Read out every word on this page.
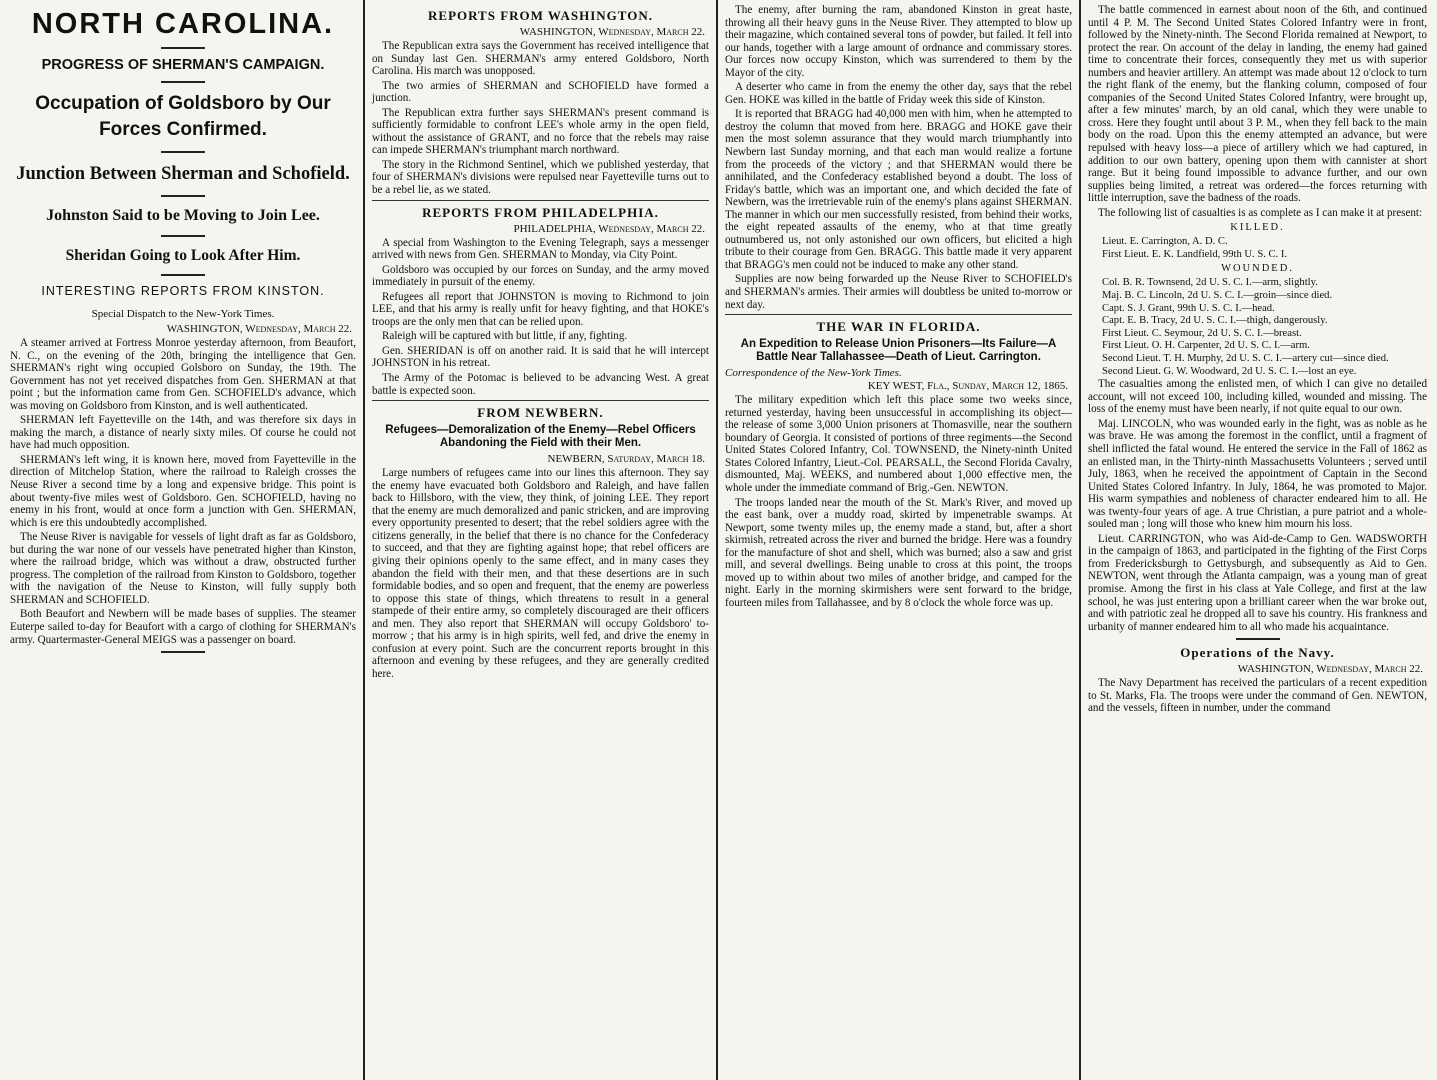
NORTH CAROLINA.
PROGRESS OF SHERMAN'S CAMPAIGN.
Occupation of Goldsboro by Our Forces Confirmed.
Junction Between Sherman and Schofield.
Johnston Said to be Moving to Join Lee.
Sheridan Going to Look After Him.
INTERESTING REPORTS FROM KINSTON.
Special Dispatch to the New-York Times.
WASHINGTON, Wednesday, March 22.

A steamer arrived at Fortress Monroe yesterday afternoon, from Beaufort, N. C., on the evening of the 20th, bringing the intelligence that Gen. SHERMAN's right wing occupied Golsboro on Sunday, the 19th. The Government has not yet received dispatches from Gen. SHERMAN at that point ; but the information came from Gen. SCHOFIELD's advance, which was moving on Goldsboro from Kinston, and is well authenticated.

SHERMAN left Fayetteville on the 14th, and was therefore six days in making the march, a distance of nearly sixty miles. Of course he could not have had much opposition.

SHERMAN's left wing, it is known here, moved from Fayetteville in the direction of Mitchelop Station, where the railroad to Raleigh crosses the Neuse River a second time by a long and expensive bridge. This point is about twenty-five miles west of Goldsboro. Gen. SCHOFIELD, having no enemy in his front, would at once form a junction with Gen. SHERMAN, which is ere this undoubtedly accomplished.

The Neuse River is navigable for vessels of light draft as far as Goldsboro, but during the war none of our vessels have penetrated higher than Kinston, where the railroad bridge, which was without a draw, obstructed further progress. The completion of the railroad from Kinston to Goldsboro, together with the navigation of the Neuse to Kinston, will fully supply both SHERMAN and SCHOFIELD.

Both Beaufort and Newbern will be made bases of supplies. The steamer Euterpe sailed to-day for Beaufort with a cargo of clothing for SHERMAN's army. Quartermaster-General MEIGS was a passenger on board.

REPORTS FROM WASHINGTON.
WASHINGTON, Wednesday, March 22.

The Republican extra says the Government has received intelligence that on Sunday last Gen. SHERMAN's army entered Goldsboro, North Carolina. His march was unopposed.

The two armies of SHERMAN and SCHOFIELD have formed a junction.

The Republican extra further says SHERMAN's present command is sufficiently formidable to confront LEE's whole army in the open field, without the assistance of GRANT, and no force that the rebels may raise can impede SHERMAN's triumphant march northward.

The story in the Richmond Sentinel, which we published yesterday, that four of SHERMAN's divisions were repulsed near Fayetteville turns out to be a rebel lie, as we stated.

REPORTS FROM PHILADELPHIA.
PHILADELPHIA, Wednesday, March 22.

A special from Washington to the Evening Telegraph, says a messenger arrived with news from Gen. SHERMAN to Monday, via City Point.

Goldsboro was occupied by our forces on Sunday, and the army moved immediately in pursuit of the enemy.

Refugees all report that JOHNSTON is moving to Richmond to join LEE, and that his army is really unfit for heavy fighting, and that HOKE's troops are the only men that can be relied upon.

Raleigh will be captured with but little, if any, fighting.

Gen. SHERIDAN is off on another raid. It is said that he will intercept JOHNSTON in his retreat.

The Army of the Potomac is believed to be advancing West. A great battle is expected soon.

FROM NEWBERN.
Refugees—Demoralization of the Enemy—Rebel Officers Abandoning the Field with their Men.
NEWBERN, Saturday, March 18.

Large numbers of refugees came into our lines this afternoon. They say the enemy have evacuated both Goldsboro and Raleigh, and have fallen back to Hillsboro, with the view, they think, of joining LEE. They report that the enemy are much demoralized and panic stricken, and are improving every opportunity presented to desert; that the rebel soldiers agree with the citizens generally, in the belief that there is no chance for the Confederacy to succeed, and that they are fighting against hope; that rebel officers are giving their opinions openly to the same effect, and in many cases they abandon the field with their men, and that these desertions are in such formidable bodies, and so open and frequent, that the enemy are powerless to oppose this state of things, which threatens to result in a general stampede of their entire army, so completely discouraged are their officers and men. They also report that SHERMAN will occupy Goldsboro' to-morrow ; that his army is in high spirits, well fed, and drive the enemy in confusion at every point. Such are the concurrent reports brought in this afternoon and evening by these refugees, and they are generally credited here.

The enemy, after burning the ram, abandoned Kinston in great haste, throwing all their heavy guns in the Neuse River. They attempted to blow up their magazine, which contained several tons of powder, but failed. It fell into our hands, together with a large amount of ordnance and commissary stores. Our forces now occupy Kinston, which was surrendered to them by the Mayor of the city.

A deserter who came in from the enemy the other day, says that the rebel Gen. HOKE was killed in the battle of Friday week this side of Kinston.

It is reported that BRAGG had 40,000 men with him, when he attempted to destroy the column that moved from here. BRAGG and HOKE gave their men the most solemn assurance that they would march triumphantly into Newbern last Sunday morning, and that each man would realize a fortune from the proceeds of the victory ; and that SHERMAN would there be annihilated, and the Confederacy established beyond a doubt. The loss of Friday's battle, which was an important one, and which decided the fate of Newbern, was the irretrievable ruin of the enemy's plans against SHERMAN. The manner in which our men successfully resisted, from behind their works, the eight repeated assaults of the enemy, who at that time greatly outnumbered us, not only astonished our own officers, but elicited a high tribute to their courage from Gen. BRAGG. This battle made it very apparent that BRAGG's men could not be induced to make any other stand.

Supplies are now being forwarded up the Neuse River to SCHOFIELD's and SHERMAN's armies. Their armies will doubtless be united to-morrow or next day.

THE WAR IN FLORIDA.
An Expedition to Release Union Prisoners—Its Failure—A Battle Near Tallahassee—Death of Lieut. Carrington.
Correspondence of the New-York Times.
KEY WEST, Fla., Sunday, March 12, 1865.

The military expedition which left this place some two weeks since, returned yesterday, having been unsuccessful in accomplishing its object—the release of some 3,000 Union prisoners at Thomasville, near the southern boundary of Georgia. It consisted of portions of three regiments—the Second United States Colored Infantry, Col. TOWNSEND, the Ninety-ninth United States Colored Infantry, Lieut.-Col. PEARSALL, the Second Florida Cavalry, dismounted, Maj. WEEKS, and numbered about 1,000 effective men, the whole under the immediate command of Brig.-Gen. NEWTON.

The troops landed near the mouth of the St. Mark's River, and moved up the east bank, over a muddy road, skirted by impenetrable swamps. At Newport, some twenty miles up, the enemy made a stand, but, after a short skirmish, retreated across the river and burned the bridge. Here was a foundry for the manufacture of shot and shell, which was burned; also a saw and grist mill, and several dwellings. Being unable to cross at this point, the troops moved up to within about two miles of another bridge, and camped for the night. Early in the morning skirmishers were sent forward to the bridge, fourteen miles from Tallahassee, and by 8 o'clock the whole force was up.

The battle commenced in earnest about noon of the 6th, and continued until 4 P. M. The Second United States Colored Infantry were in front, followed by the Ninety-ninth. The Second Florida remained at Newport, to protect the rear. On account of the delay in landing, the enemy had gained time to concentrate their forces, consequently they met us with superior numbers and heavier artillery. An attempt was made about 12 o'clock to turn the right flank of the enemy, but the flanking column, composed of four companies of the Second United States Colored Infantry, were brought up, after a few minutes' march, by an old canal, which they were unable to cross. Here they fought until about 3 P. M., when they fell back to the main body on the road. Upon this the enemy attempted an advance, but were repulsed with heavy loss—a piece of artillery which we had captured, in addition to our own battery, opening upon them with cannister at short range. But it being found impossible to advance further, and our own supplies being limited, a retreat was ordered—the forces returning with little interruption, save the badness of the roads.

The following list of casualties is as complete as I can make it at present:

KILLED.
Lieut. E. Carrington, A. D. C.
First Lieut. E. K. Landfield, 99th U. S. C. I.
WOUNDED.
Col. B. R. Townsend, 2d U. S. C. I.—arm, slightly.
Maj. B. C. Lincoln, 2d U. S. C. I.—groin—since died.
Capt. S. J. Grant, 99th U. S. C. I.—head.
Capt. E. B. Tracy, 2d U. S. C. I.—thigh, dangerously.
First Lieut. C. Seymour, 2d U. S. C. I.—breast.
First Lieut. O. H. Carpenter, 2d U. S. C. I.—arm.
Second Lieut. T. H. Murphy, 2d U. S. C. I.—artery cut—since died.
Second Lieut. G. W. Woodward, 2d U. S. C. I.—lost an eye.

The casualties among the enlisted men, of which I can give no detailed account, will not exceed 100, including killed, wounded and missing. The loss of the enemy must have been nearly, if not quite equal to our own.

Maj. LINCOLN, who was wounded early in the fight, was as noble as he was brave. He was among the foremost in the conflict, until a fragment of shell inflicted the fatal wound. He entered the service in the Fall of 1862 as an enlisted man, in the Thirty-ninth Massachusetts Volunteers ; served until July, 1863, when he received the appointment of Captain in the Second United States Colored Infantry. In July, 1864, he was promoted to Major. His warm sympathies and nobleness of character endeared him to all. He was twenty-four years of age. A true Christian, a pure patriot and a whole-souled man ; long will those who knew him mourn his loss.

Lieut. CARRINGTON, who was Aid-de-Camp to Gen. WADSWORTH in the campaign of 1863, and participated in the fighting of the First Corps from Fredericksburgh to Gettysburgh, and subsequently as Aid to Gen. NEWTON, went through the Atlanta campaign, was a young man of great promise. Among the first in his class at Yale College, and first at the law school, he was just entering upon a brilliant career when the war broke out, and with patriotic zeal he dropped all to save his country. His frankness and urbanity of manner endeared him to all who made his acquaintance.

Operations of the Navy.
WASHINGTON, Wednesday, March 22.

The Navy Department has received the particulars of a recent expedition to St. Marks, Fla. The troops were under the command of Gen. NEWTON, and the vessels, fifteen in number, under the command
